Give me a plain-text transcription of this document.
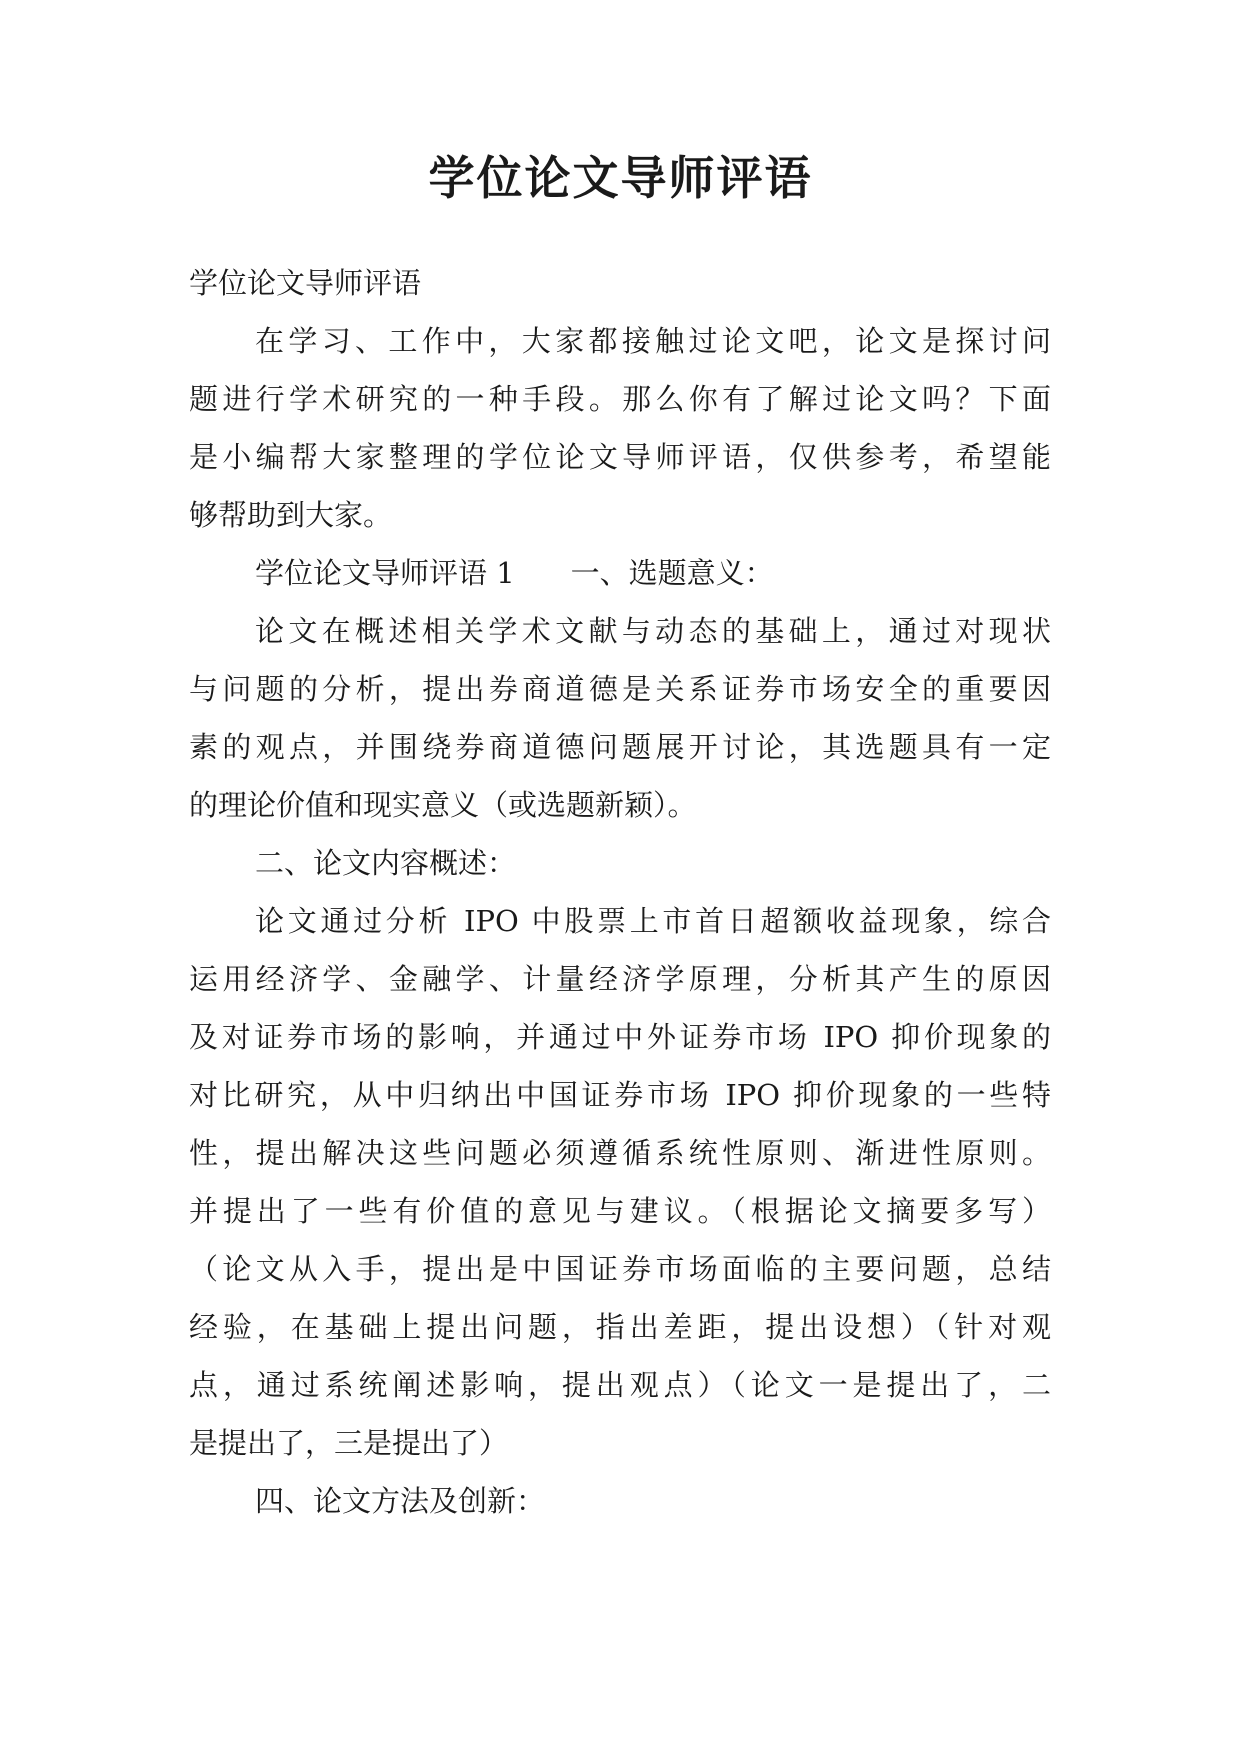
学位论文导师评语

学位论文导师评语

在学习、工作中，大家都接触过论文吧，论文是探讨问

题进行学术研究的一种手段。那么你有了解过论文吗？下面

是小编帮大家整理的学位论文导师评语，仅供参考，希望能

够帮助到大家。

学位论文导师评语 1 一、选题意义：

论文在概述相关学术文献与动态的基础上，通过对现状

与问题的分析，提出券商道德是关系证券市场安全的重要因

素的观点，并围绕券商道德问题展开讨论，其选题具有一定

的理论价值和现实意义（或选题新颖）。

二、论文内容概述：

论文通过分析 IPO 中股票上市首日超额收益现象，综合

运用经济学、金融学、计量经济学原理，分析其产生的原因

及对证券市场的影响，并通过中外证券市场 IPO 抑价现象的

对比研究，从中归纳出中国证券市场 IPO 抑价现象的一些特

性，提出解决这些问题必须遵循系统性原则、渐进性原则。

并提出了一些有价值的意见与建议。（根据论文摘要多写）

（论文从入手，提出是中国证券市场面临的主要问题，总结

经验，在基础上提出问题，指出差距，提出设想）（针对观

点，通过系统阐述影响，提出观点）（论文一是提出了，二

是提出了，三是提出了）

四、论文方法及创新：
